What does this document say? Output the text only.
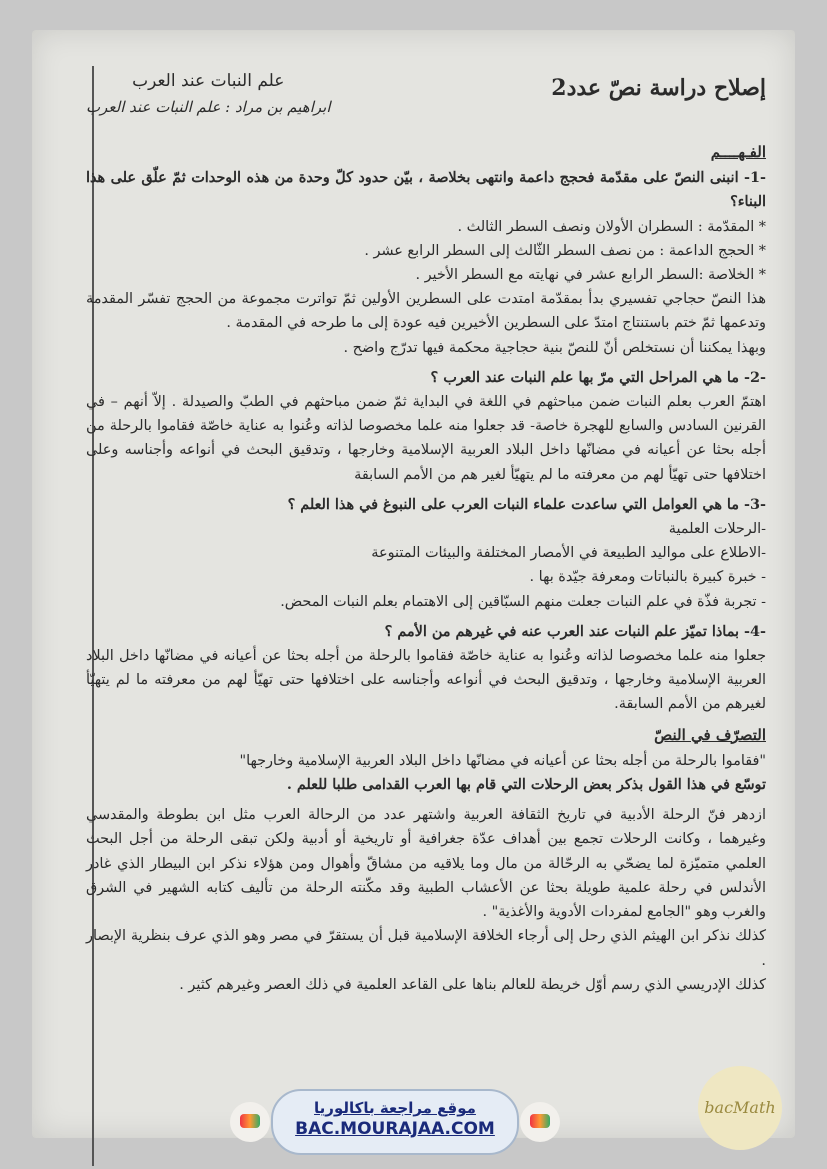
إصلاح دراسة نصّ عدد2
علم النبات عند العرب
ابراهيم بن مراد : علم النبات عند العرب
الفـهــــم

-1- انبنى النصّ على مقدّمة فحجج داعمة وانتهى بخلاصة ، بيّن حدود كلّ وحدة من هذه الوحدات ثمّ علّق على هذا البناء؟

* المقدّمة : السطران الأولان ونصف السطر الثالث .

* الحجج الداعمة : من نصف السطر الثّالث إلى السطر الرابع عشر .

* الخلاصة :السطر الرابع عشر في نهايته مع السطر الأخير .

هذا النصّ حجاجي تفسيري بدأ بمقدّمة امتدت على السطرين الأولين ثمّ تواترت مجموعة من الحجج تفسّر المقدمة وتدعمها ثمّ ختم باستنتاج امتدّ على السطرين الأخيرين فيه عودة إلى ما طرحه في المقدمة .

وبهذا يمكننا أن نستخلص أنّ للنصّ بنية حجاجية محكمة فيها تدرّج واضح .

-2- ما هي المراحل التي مرّ بها علم النبات عند العرب ؟

اهتمّ العرب بعلم النبات ضمن مباحثهم في اللغة في البداية ثمّ ضمن مباحثهم في الطبّ والصيدلة . إلاّ أنهم – في القرنين السادس والسابع للهجرة خاصة- قد جعلوا منه علما مخصوصا لذاته وعُنوا به عناية خاصّة فقاموا بالرحلة من أجله بحثا عن أعيانه في مضانّها داخل البلاد العربية الإسلامية وخارجها ، وتدقيق البحث في أنواعه وأجناسه وعلى اختلافها حتى تهيّأ لهم من معرفته ما لم يتهيّأ لغير هم من الأمم السابقة

-3- ما هي العوامل التي ساعدت علماء النبات العرب على النبوغ في هذا العلم ؟

-الرحلات العلمية

-الاطلاع على مواليد الطبيعة في الأمصار المختلفة والبيئات المتنوعة

- خبرة كبيرة بالنباتات ومعرفة جيّدة بها .

- تجربة فذّة في علم النبات جعلت منهم السبّاقين إلى الاهتمام بعلم النبات المحض.

-4- بماذا تميّز علم النبات عند العرب عنه في غيرهم من الأمم ؟

جعلوا منه علما مخصوصا لذاته وعُنوا به عناية خاصّة فقاموا بالرحلة من أجله بحثا عن أعيانه في مضانّها داخل البلاد العربية الإسلامية وخارجها ، وتدقيق البحث في أنواعه وأجناسه على اختلافها حتى تهيّأ لهم من معرفته ما لم يتهيّأ لغيرهم من الأمم السابقة.

التصرّف في النصّ

"فقاموا بالرحلة من أجله بحثا عن أعيانه في مضانّها داخل البلاد العربية الإسلامية وخارجها"

توسّع في هذا القول بذكر بعض الرحلات التي قام بها العرب القدامى طلبا للعلم .

ازدهر فنّ الرحلة الأدبية في تاريخ الثقافة العربية واشتهر عدد من الرحالة العرب مثل ابن بطوطة والمقدسي وغيرهما ، وكانت الرحلات تجمع بين أهداف عدّة جغرافية أو تاريخية أو أدبية ولكن تبقى الرحلة من أجل البحث العلمي متميّزة لما يضحّي به الرحّالة من مال وما يلاقيه من مشاقّ وأهوال ومن هؤلاء نذكر ابن البيطار الذي غادر الأندلس في رحلة علمية طويلة بحثا عن الأعشاب الطبية وقد مكّنته الرحلة من تأليف كتابه الشهير في الشرق والغرب وهو "الجامع لمفردات الأدوية والأغذية" .

كذلك نذكر ابن الهيثم الذي رحل إلى أرجاء الخلافة الإسلامية قبل أن يستقرّ في مصر وهو الذي عرف بنظرية الإبصار .

كذلك الإدريسي الذي رسم أوّل خريطة للعالم بناها على القاعد العلمية في ذلك العصر وغيرهم كثير .

موقع مراجعة باكالوريا
BAC.MOURAJAA.COM
bacMath
